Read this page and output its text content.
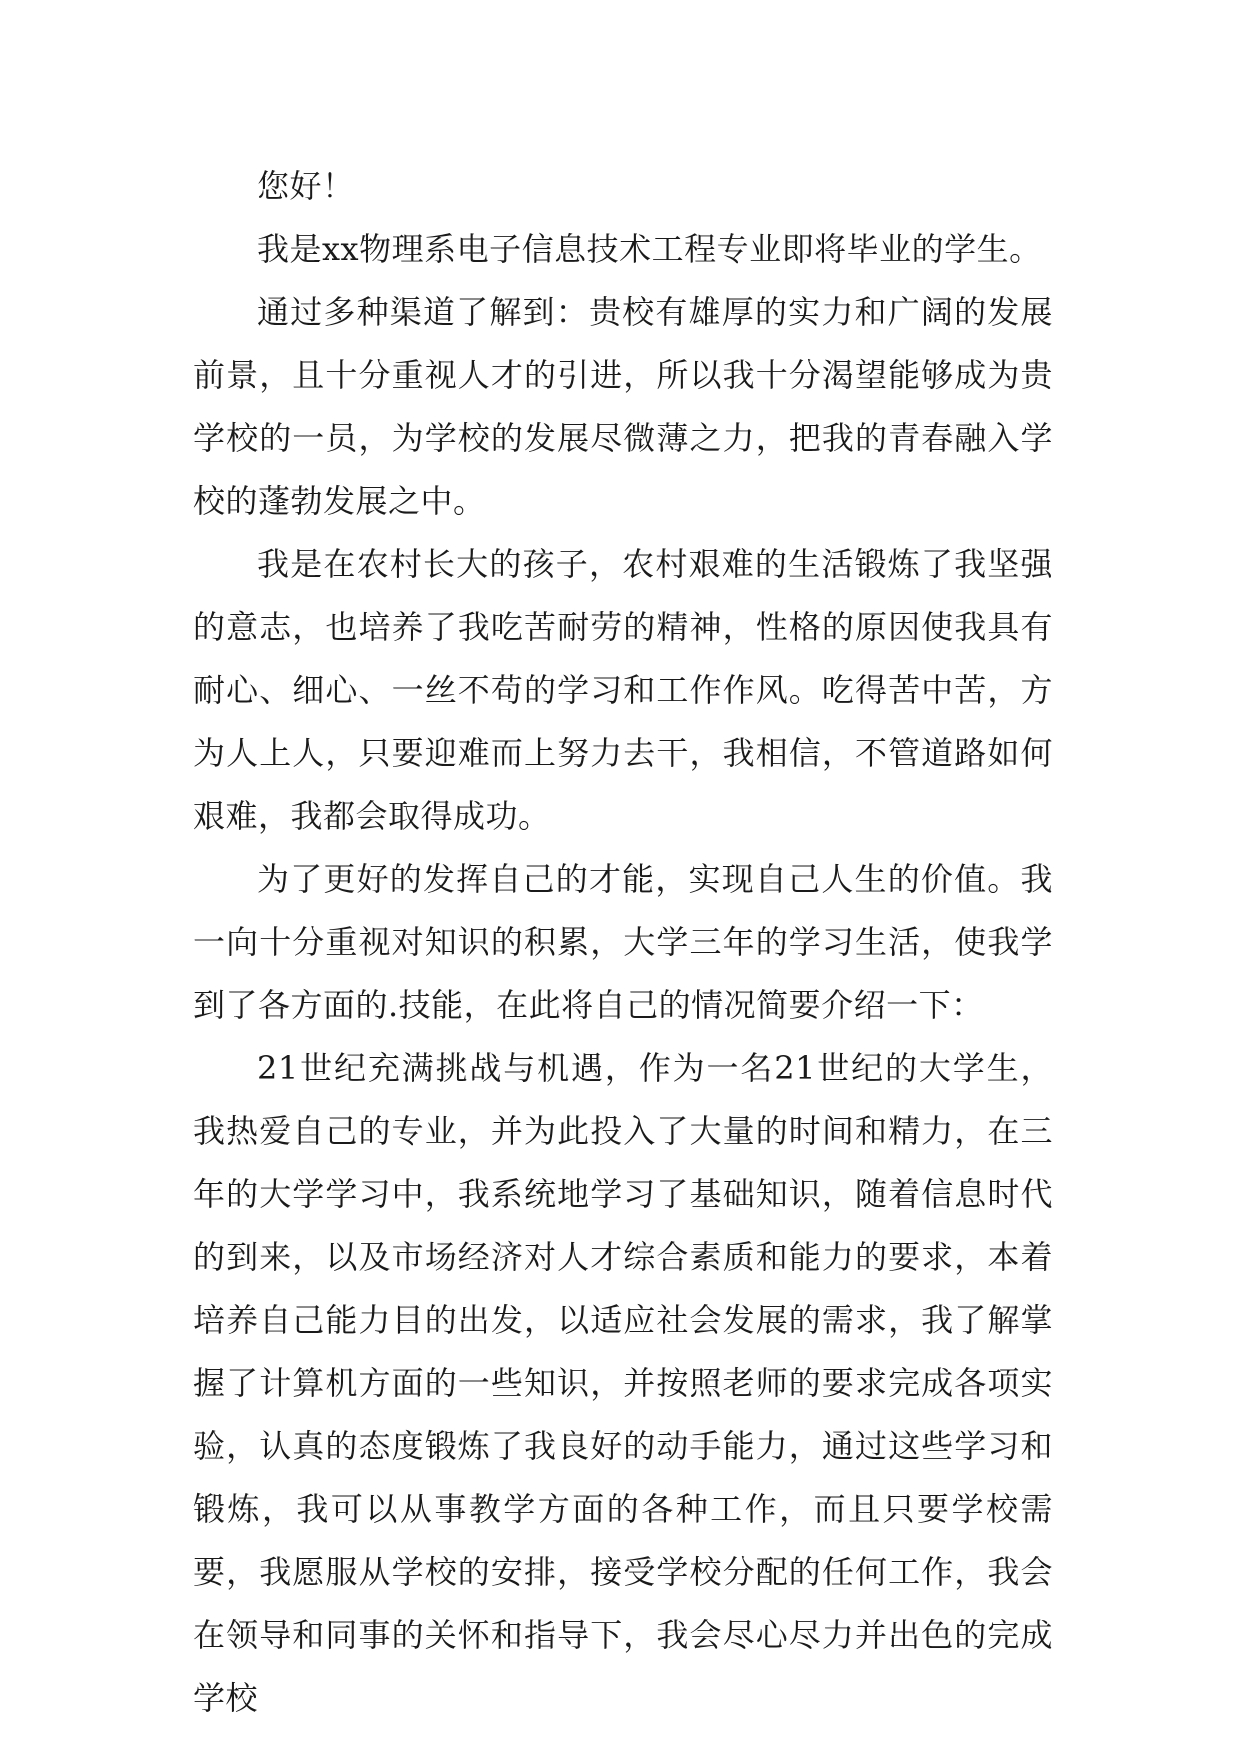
您好！

我是xx物理系电子信息技术工程专业即将毕业的学生。

通过多种渠道了解到：贵校有雄厚的实力和广阔的发展前景，且十分重视人才的引进，所以我十分渴望能够成为贵学校的一员，为学校的发展尽微薄之力，把我的青春融入学校的蓬勃发展之中。

我是在农村长大的孩子，农村艰难的生活锻炼了我坚强的意志，也培养了我吃苦耐劳的精神，性格的原因使我具有耐心、细心、一丝不苟的学习和工作作风。吃得苦中苦，方为人上人，只要迎难而上努力去干，我相信，不管道路如何艰难，我都会取得成功。

为了更好的发挥自己的才能，实现自己人生的价值。我一向十分重视对知识的积累，大学三年的学习生活，使我学到了各方面的.技能，在此将自己的情况简要介绍一下：

21世纪充满挑战与机遇，作为一名21世纪的大学生，我热爱自己的专业，并为此投入了大量的时间和精力，在三年的大学学习中，我系统地学习了基础知识，随着信息时代的到来，以及市场经济对人才综合素质和能力的要求，本着培养自己能力目的出发，以适应社会发展的需求，我了解掌握了计算机方面的一些知识，并按照老师的要求完成各项实验，认真的态度锻炼了我良好的动手能力，通过这些学习和锻炼，我可以从事教学方面的各种工作，而且只要学校需要，我愿服从学校的安排，接受学校分配的任何工作，我会在领导和同事的关怀和指导下，我会尽心尽力并出色的完成学校
